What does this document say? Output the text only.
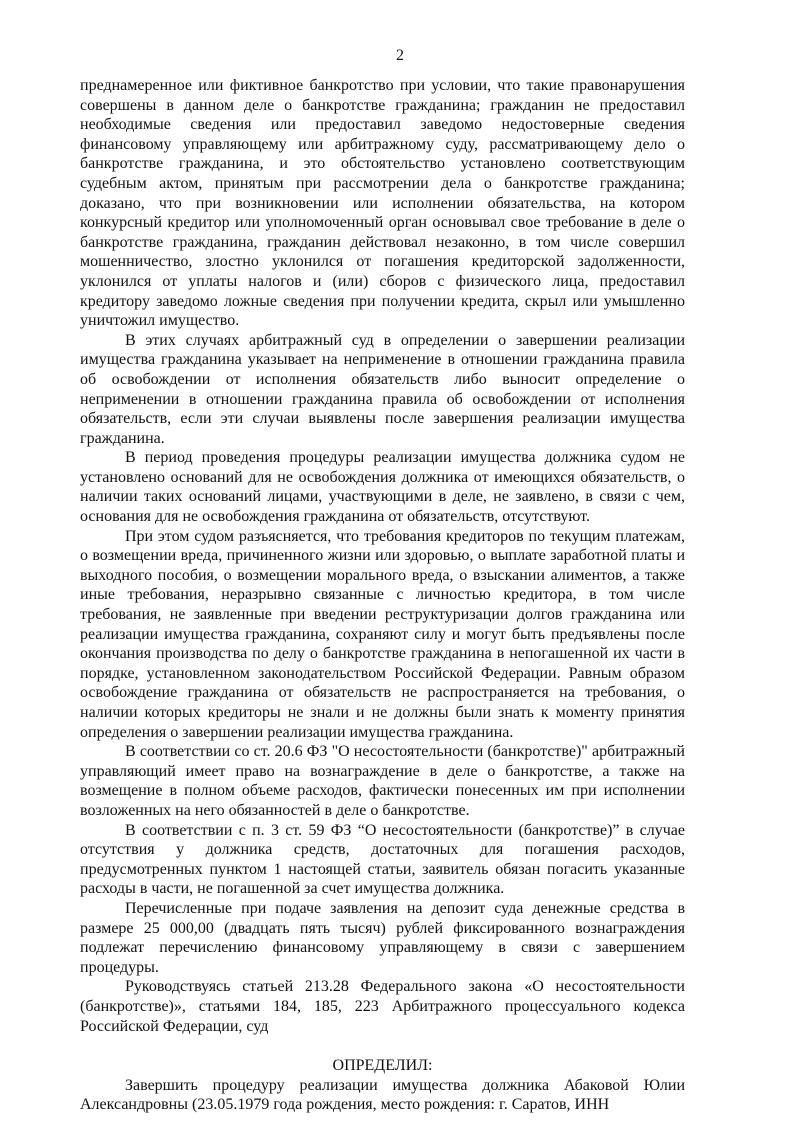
2

преднамеренное или фиктивное банкротство при условии, что такие правонарушения совершены в данном деле о банкротстве гражданина; гражданин не предоставил необходимые сведения или предоставил заведомо недостоверные сведения финансовому управляющему или арбитражному суду, рассматривающему дело о банкротстве гражданина, и это обстоятельство установлено соответствующим судебным актом, принятым при рассмотрении дела о банкротстве гражданина; доказано, что при возникновении или исполнении обязательства, на котором конкурсный кредитор или уполномоченный орган основывал свое требование в деле о банкротстве гражданина, гражданин действовал незаконно, в том числе совершил мошенничество, злостно уклонился от погашения кредиторской задолженности, уклонился от уплаты налогов и (или) сборов с физического лица, предоставил кредитору заведомо ложные сведения при получении кредита, скрыл или умышленно уничтожил имущество.

В этих случаях арбитражный суд в определении о завершении реализации имущества гражданина указывает на неприменение в отношении гражданина правила об освобождении от исполнения обязательств либо выносит определение о неприменении в отношении гражданина правила об освобождении от исполнения обязательств, если эти случаи выявлены после завершения реализации имущества гражданина.

В период проведения процедуры реализации имущества должника судом не установлено оснований для не освобождения должника от имеющихся обязательств, о наличии таких оснований лицами, участвующими в деле, не заявлено, в связи с чем, основания для не освобождения гражданина от обязательств, отсутствуют.

При этом судом разъясняется, что требования кредиторов по текущим платежам, о возмещении вреда, причиненного жизни или здоровью, о выплате заработной платы и выходного пособия, о возмещении морального вреда, о взыскании алиментов, а также иные требования, неразрывно связанные с личностью кредитора, в том числе требования, не заявленные при введении реструктуризации долгов гражданина или реализации имущества гражданина, сохраняют силу и могут быть предъявлены после окончания производства по делу о банкротстве гражданина в непогашенной их части в порядке, установленном законодательством Российской Федерации. Равным образом освобождение гражданина от обязательств не распространяется на требования, о наличии которых кредиторы не знали и не должны были знать к моменту принятия определения о завершении реализации имущества гражданина.

В соответствии со ст. 20.6 ФЗ "О несостоятельности (банкротстве)" арбитражный управляющий имеет право на вознаграждение в деле о банкротстве, а также на возмещение в полном объеме расходов, фактически понесенных им при исполнении возложенных на него обязанностей в деле о банкротстве.

В соответствии с п. 3 ст. 59 ФЗ “О несостоятельности (банкротстве)” в случае отсутствия у должника средств, достаточных для погашения расходов, предусмотренных пунктом 1 настоящей статьи, заявитель обязан погасить указанные расходы в части, не погашенной за счет имущества должника.

Перечисленные при подаче заявления на депозит суда денежные средства в размере 25 000,00 (двадцать пять тысяч) рублей фиксированного вознаграждения подлежат перечислению финансовому управляющему в связи с завершением процедуры.

Руководствуясь статьей 213.28 Федерального закона «О несостоятельности (банкротстве)», статьями 184, 185, 223 Арбитражного процессуального кодекса Российской Федерации, суд

ОПРЕДЕЛИЛ:

Завершить процедуру реализации имущества должника Абаковой Юлии Александровны (23.05.1979 года рождения, место рождения: г. Саратов, ИНН
